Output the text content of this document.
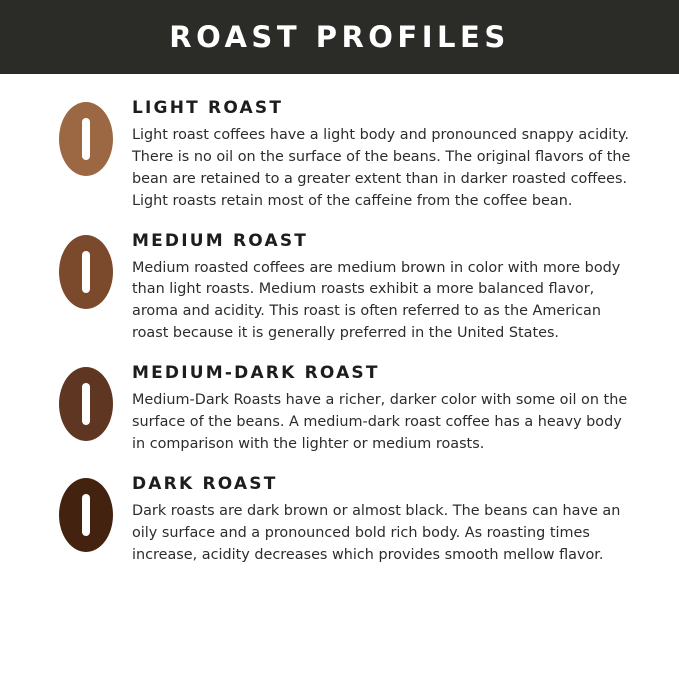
ROAST PROFILES
LIGHT ROAST

Light roast coffees have a light body and pronounced snappy acidity. There is no oil on the surface of the beans. The original flavors of the bean are retained to a greater extent than in darker roasted coffees. Light roasts retain most of the caffeine from the coffee bean.

MEDIUM ROAST

Medium roasted coffees are medium brown in color with more body than light roasts. Medium roasts exhibit a more balanced flavor, aroma and acidity. This roast is often referred to as the American roast because it is generally preferred in the United States.

MEDIUM-DARK ROAST

Medium-Dark Roasts have a richer, darker color with some oil on the surface of the beans. A medium-dark roast coffee has a heavy body in comparison with the lighter or medium roasts.

DARK ROAST

Dark roasts are dark brown or almost black. The beans can have an oily surface and a pronounced bold rich body. As roasting times increase, acidity decreases which provides smooth mellow flavor.
